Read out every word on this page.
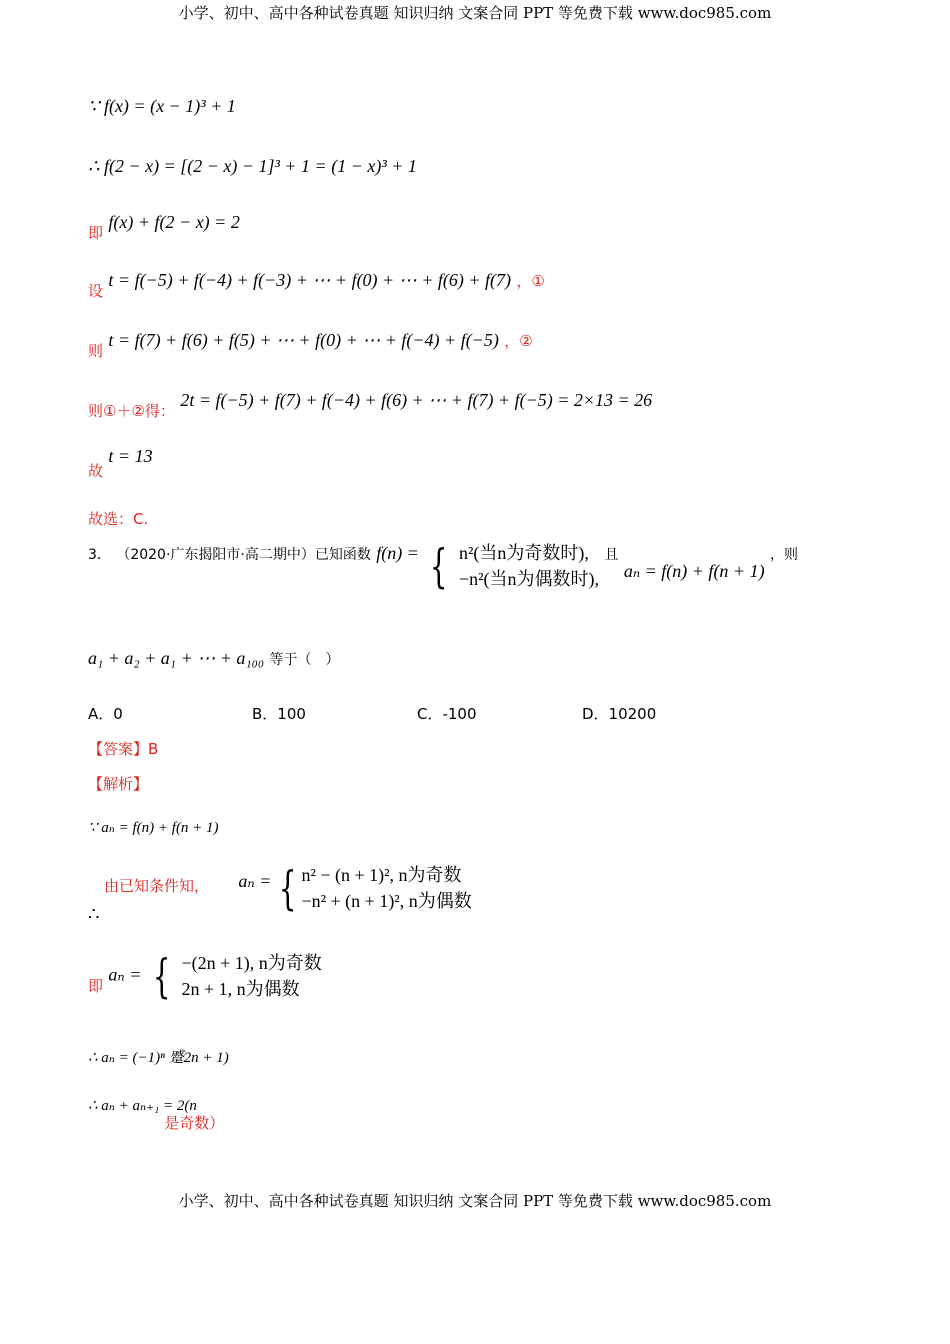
小学、初中、高中各种试卷真题 知识归纳 文案合同 PPT 等免费下载 www.doc985.com
∵ f(x) = (x − 1)³ + 1
∴ f(2 − x) = [(2 − x) − 1]³ + 1 = (1 − x)³ + 1
即 f(x) + f(2 − x) = 2
设 t = f(−5) + f(−4) + f(−3) + ⋯ + f(0) + ⋯ + f(6) + f(7) ，①
则 t = f(7) + f(6) + f(5) + ⋯ + f(0) + ⋯ + f(−4) + f(−5) ，②
则①＋②得： 2t = f(−5) + f(7) + f(−4) + f(6) + ⋯ + f(7) + f(−5) = 2×13 = 26
故 t = 13
故选：C.
$^{3.}$ $^{(2020\cdot 广东揭阳市\cdot 高二期中)已知函数}$ f(n) = { n²(当n为奇数时),
−n²(当n为偶数时), $^且$ aₙ = f(n) + f(n + 1) $^{,则}$
a₁ + a₂ + a₁ + ⋯ + a₁₀₀ 等于（　）
A．0	B．100	C．-100	D．10200
【答案】B
【解析】
∵ aₙ = f(n) + f(n + 1)
由已知条件知， aₙ = { n² − (n + 1)², n为奇数
−n² + (n + 1)², n为偶数
∴
即 aₙ = { −(2n + 1), n为奇数
2n + 1, n为偶数
∴ aₙ = (−1)ⁿ 蹙2n + 1)
∴ aₙ + aₙ₊₁ = 2(n 是奇数）
小学、初中、高中各种试卷真题 知识归纳 文案合同 PPT 等免费下载 www.doc985.com
